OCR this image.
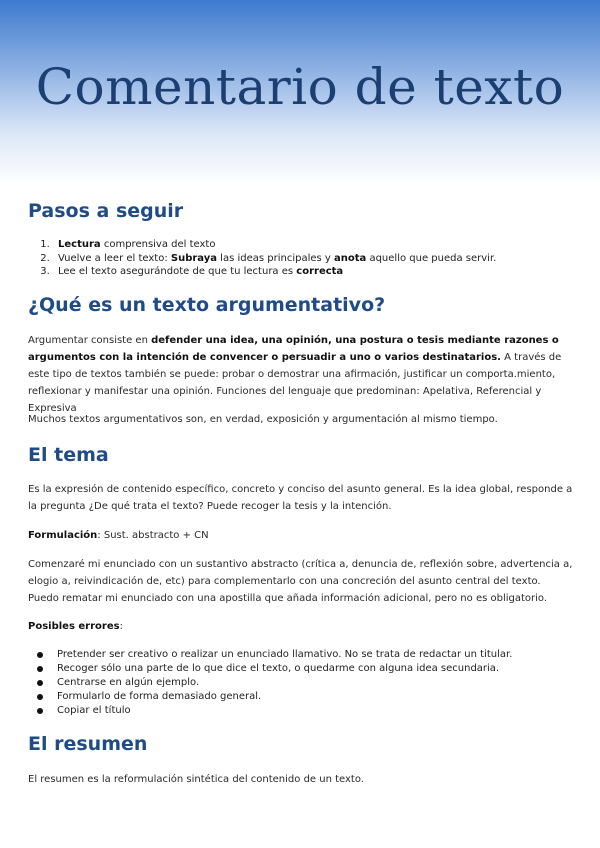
Comentario de texto
Pasos a seguir
1. Lectura comprensiva del texto
2. Vuelve a leer el texto: Subraya las ideas principales y anota aquello que pueda servir.
3. Lee el texto asegurándote de que tu lectura es correcta
¿Qué es un texto argumentativo?
Argumentar consiste en defender una idea, una opinión, una postura o tesis mediante razones o argumentos con la intención de convencer o persuadir a uno o varios destinatarios. A través de este tipo de textos también se puede: probar o demostrar una afirmación, justificar un comporta.miento, reflexionar y manifestar una opinión. Funciones del lenguaje que predominan: Apelativa, Referencial y Expresiva
Muchos textos argumentativos son, en verdad, exposición y argumentación al mismo tiempo.
El tema
Es la expresión de contenido específico, concreto y conciso del asunto general. Es la idea global, responde a la pregunta ¿De qué trata el texto? Puede recoger la tesis y la intención.
Formulación: Sust. abstracto + CN
Comenzaré mi enunciado con un sustantivo abstracto (crítica a, denuncia de, reflexión sobre, advertencia a, elogio a, reivindicación de, etc) para complementarlo con una concreción del asunto central del texto. Puedo rematar mi enunciado con una apostilla que añada información adicional, pero no es obligatorio.
Posibles errores:
Pretender ser creativo o realizar un enunciado llamativo. No se trata de redactar un titular.
Recoger sólo una parte de lo que dice el texto, o quedarme con alguna idea secundaria.
Centrarse en algún ejemplo.
Formularlo de forma demasiado general.
Copiar el título
El resumen
El resumen es la reformulación sintética del contenido de un texto.
